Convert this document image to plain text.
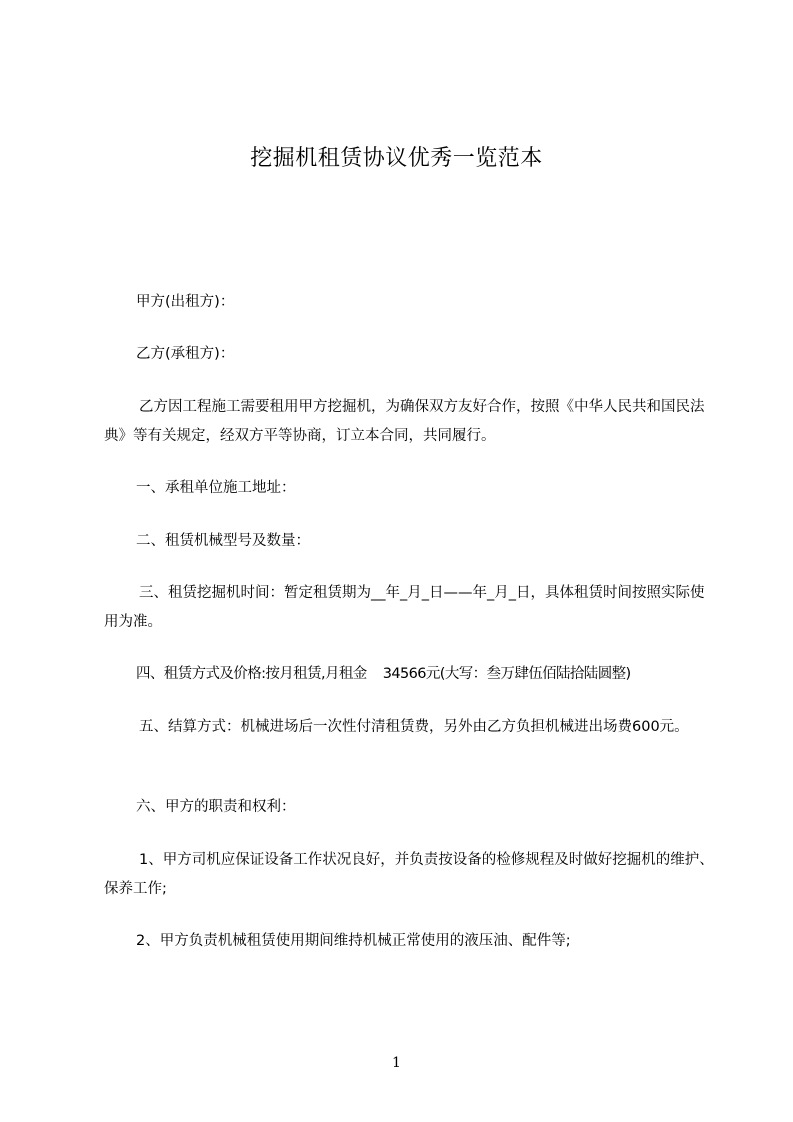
挖掘机租赁协议优秀一览范本
甲方(出租方)：
乙方(承租方)：
乙方因工程施工需要租用甲方挖掘机，为确保双方友好合作，按照《中华人民共和国民法典》等有关规定，经双方平等协商，订立本合同，共同履行。
一、承租单位施工地址：
二、租赁机械型号及数量：
三、租赁挖掘机时间：暂定租赁期为__年_月_日——年_月_日，具体租赁时间按照实际使用为准。
四、租赁方式及价格:按月租赁,月租金    34566元(大写：叁万肆伍佰陆拾陆圆整)
五、结算方式：机械进场后一次性付清租赁费，另外由乙方负担机械进出场费600元。
六、甲方的职责和权利：
1、甲方司机应保证设备工作状况良好，并负责按设备的检修规程及时做好挖掘机的维护、保养工作;
2、甲方负责机械租赁使用期间维持机械正常使用的液压油、配件等;
1
